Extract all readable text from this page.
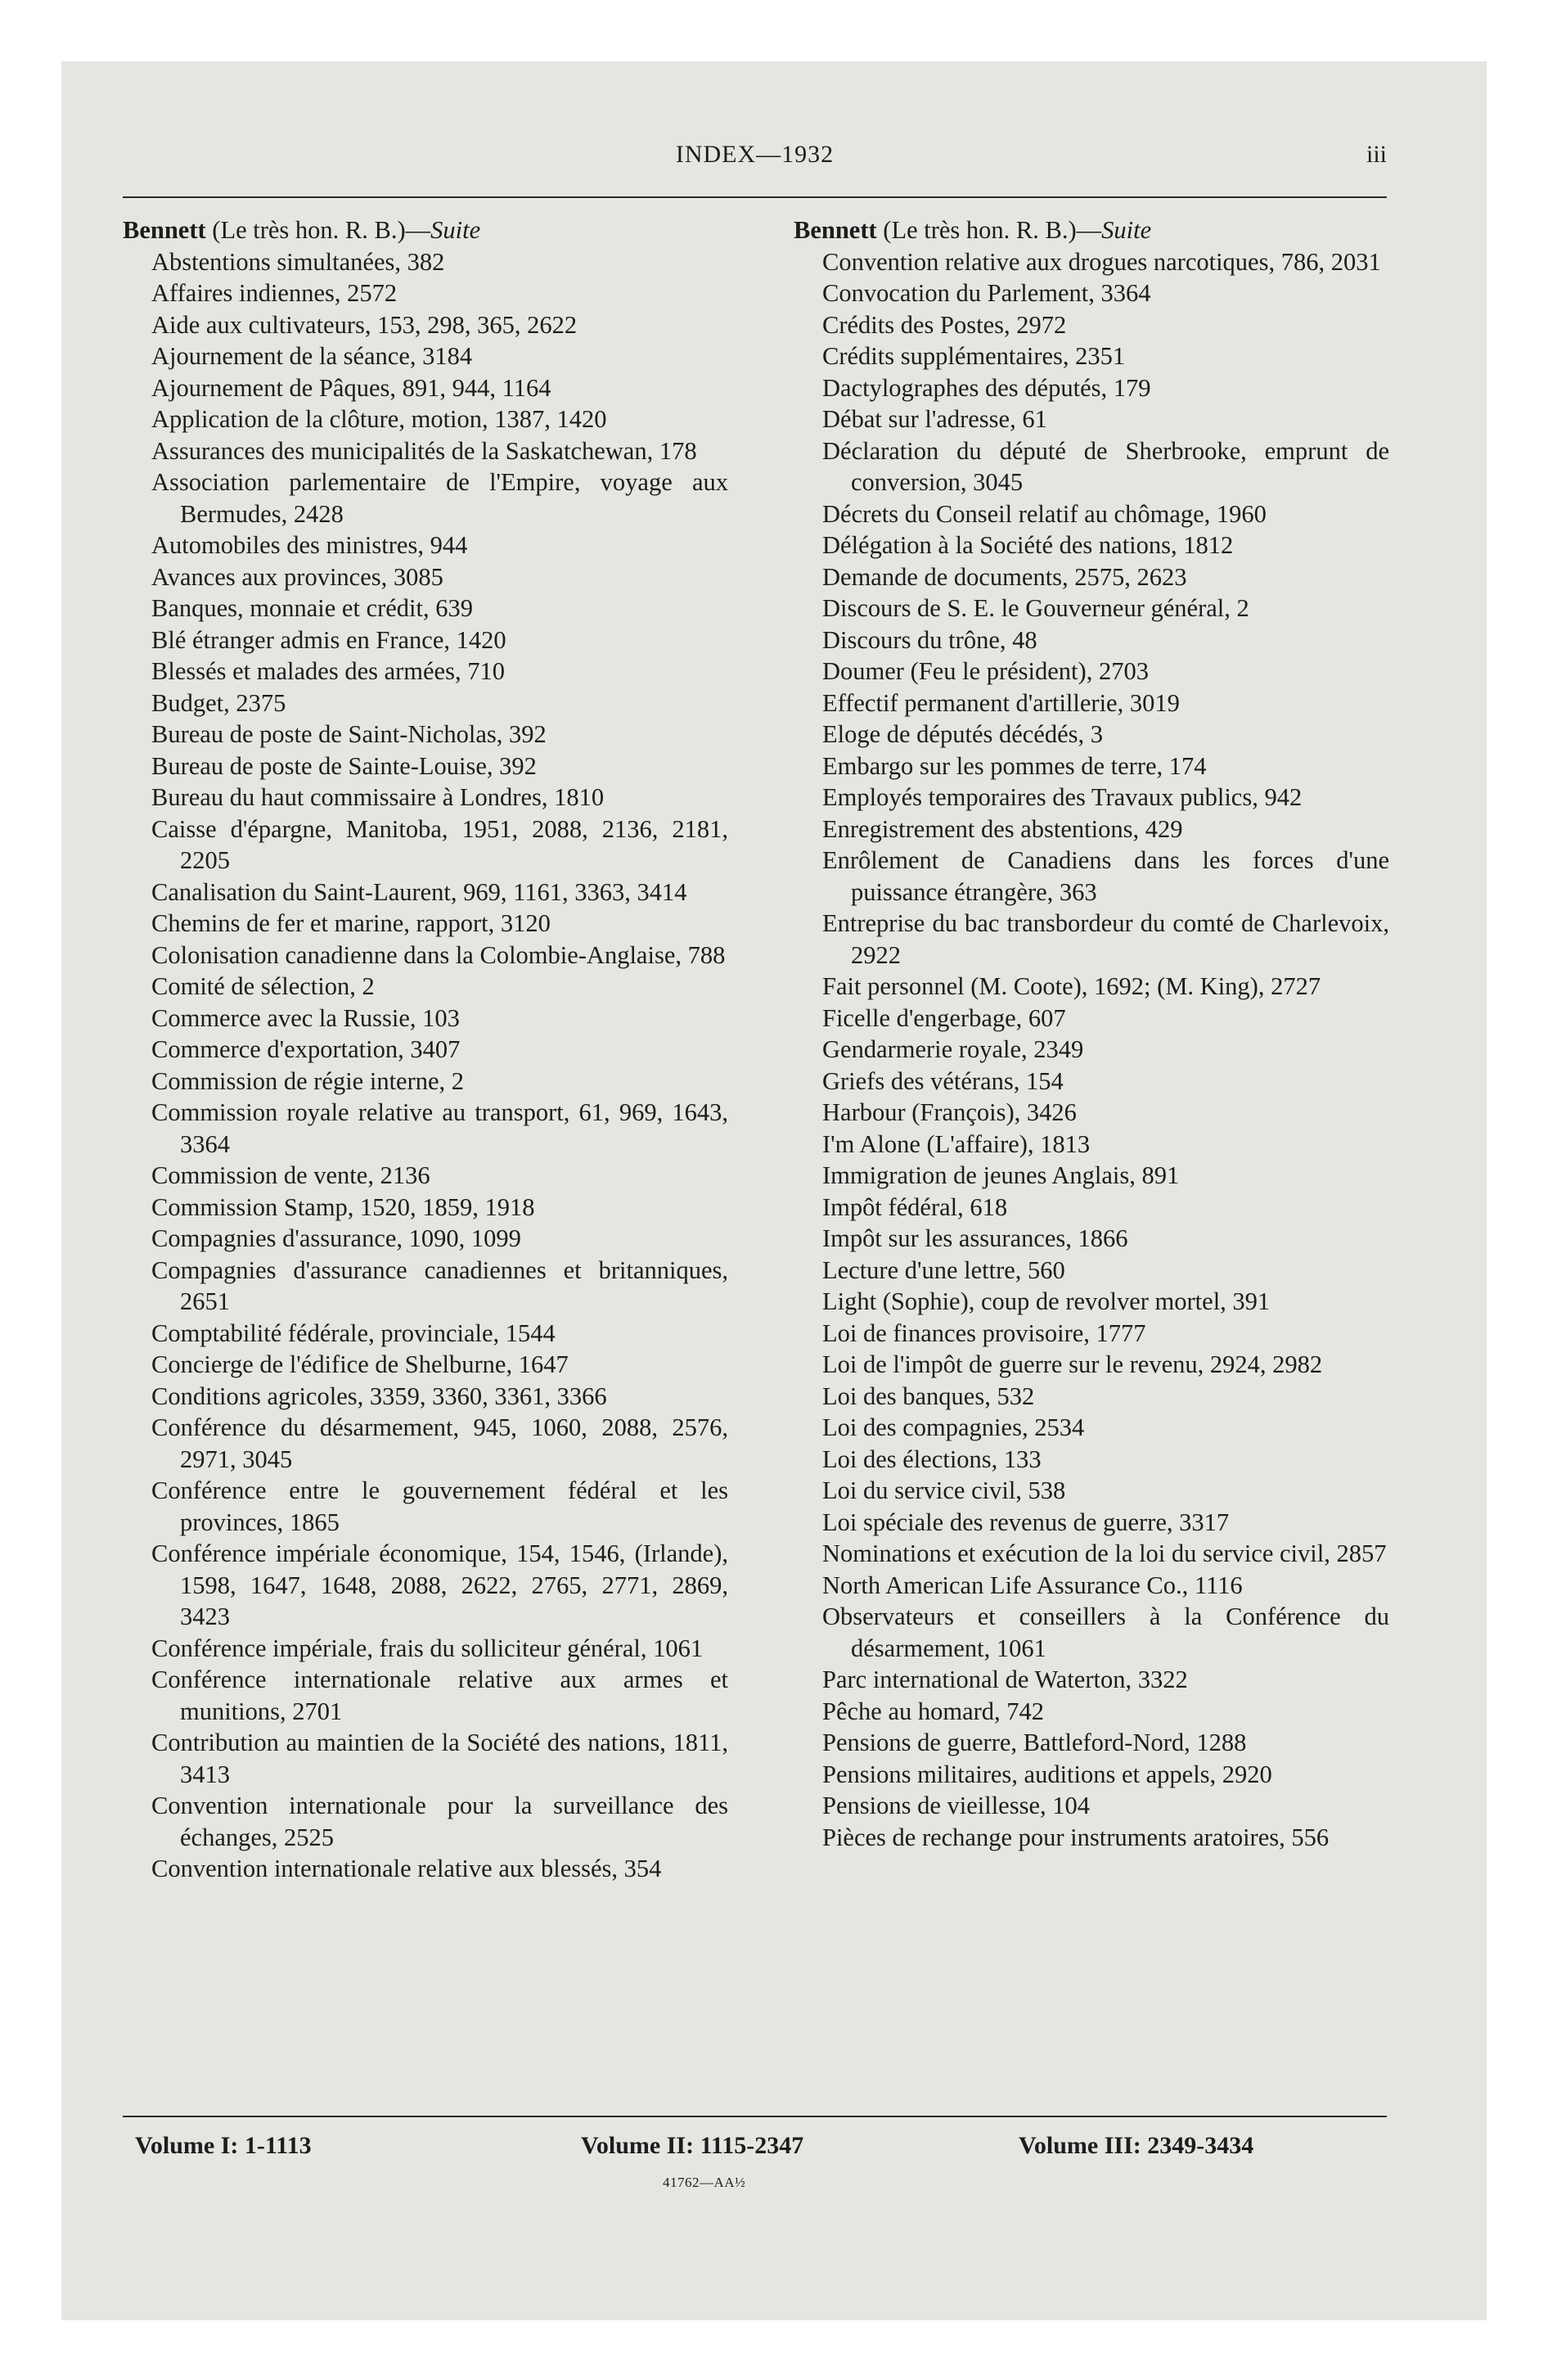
INDEX—1932	iii

Bennett (Le très hon. R. B.)—Suite

Abstentions simultanées, 382

Affaires indiennes, 2572

Aide aux cultivateurs, 153, 298, 365, 2622

Ajournement de la séance, 3184

Ajournement de Pâques, 891, 944, 1164

Application de la clôture, motion, 1387, 1420

Assurances des municipalités de la Saskatchewan, 178

Association parlementaire de l'Empire, voyage aux Bermudes, 2428

Automobiles des ministres, 944

Avances aux provinces, 3085

Banques, monnaie et crédit, 639

Blé étranger admis en France, 1420

Blessés et malades des armées, 710

Budget, 2375

Bureau de poste de Saint-Nicholas, 392

Bureau de poste de Sainte-Louise, 392

Bureau du haut commissaire à Londres, 1810

Caisse d'épargne, Manitoba, 1951, 2088, 2136, 2181, 2205

Canalisation du Saint-Laurent, 969, 1161, 3363, 3414

Chemins de fer et marine, rapport, 3120

Colonisation canadienne dans la Colombie-Anglaise, 788

Comité de sélection, 2

Commerce avec la Russie, 103

Commerce d'exportation, 3407

Commission de régie interne, 2

Commission royale relative au transport, 61, 969, 1643, 3364

Commission de vente, 2136

Commission Stamp, 1520, 1859, 1918

Compagnies d'assurance, 1090, 1099

Compagnies d'assurance canadiennes et britanniques, 2651

Comptabilité fédérale, provinciale, 1544

Concierge de l'édifice de Shelburne, 1647

Conditions agricoles, 3359, 3360, 3361, 3366

Conférence du désarmement, 945, 1060, 2088, 2576, 2971, 3045

Conférence entre le gouvernement fédéral et les provinces, 1865

Conférence impériale économique, 154, 1546, (Irlande), 1598, 1647, 1648, 2088, 2622, 2765, 2771, 2869, 3423

Conférence impériale, frais du solliciteur général, 1061

Conférence internationale relative aux armes et munitions, 2701

Contribution au maintien de la Société des nations, 1811, 3413

Convention internationale pour la surveillance des échanges, 2525

Convention internationale relative aux blessés, 354

Bennett (Le très hon. R. B.)—Suite

Convention relative aux drogues narcotiques, 786, 2031

Convocation du Parlement, 3364

Crédits des Postes, 2972

Crédits supplémentaires, 2351

Dactylographes des députés, 179

Débat sur l'adresse, 61

Déclaration du député de Sherbrooke, emprunt de conversion, 3045

Décrets du Conseil relatif au chômage, 1960

Délégation à la Société des nations, 1812

Demande de documents, 2575, 2623

Discours de S. E. le Gouverneur général, 2

Discours du trône, 48

Doumer (Feu le président), 2703

Effectif permanent d'artillerie, 3019

Eloge de députés décédés, 3

Embargo sur les pommes de terre, 174

Employés temporaires des Travaux publics, 942

Enregistrement des abstentions, 429

Enrôlement de Canadiens dans les forces d'une puissance étrangère, 363

Entreprise du bac transbordeur du comté de Charlevoix, 2922

Fait personnel (M. Coote), 1692; (M. King), 2727

Ficelle d'engerbage, 607

Gendarmerie royale, 2349

Griefs des vétérans, 154

Harbour (François), 3426

I'm Alone (L'affaire), 1813

Immigration de jeunes Anglais, 891

Impôt fédéral, 618

Impôt sur les assurances, 1866

Lecture d'une lettre, 560

Light (Sophie), coup de revolver mortel, 391

Loi de finances provisoire, 1777

Loi de l'impôt de guerre sur le revenu, 2924, 2982

Loi des banques, 532

Loi des compagnies, 2534

Loi des élections, 133

Loi du service civil, 538

Loi spéciale des revenus de guerre, 3317

Nominations et exécution de la loi du service civil, 2857

North American Life Assurance Co., 1116

Observateurs et conseillers à la Conférence du désarmement, 1061

Parc international de Waterton, 3322

Pêche au homard, 742

Pensions de guerre, Battleford-Nord, 1288

Pensions militaires, auditions et appels, 2920

Pensions de vieillesse, 104

Pièces de rechange pour instruments aratoires, 556

Volume I: 1-1113	Volume II: 1115-2347	Volume III: 2349-3434
41762—AA½
